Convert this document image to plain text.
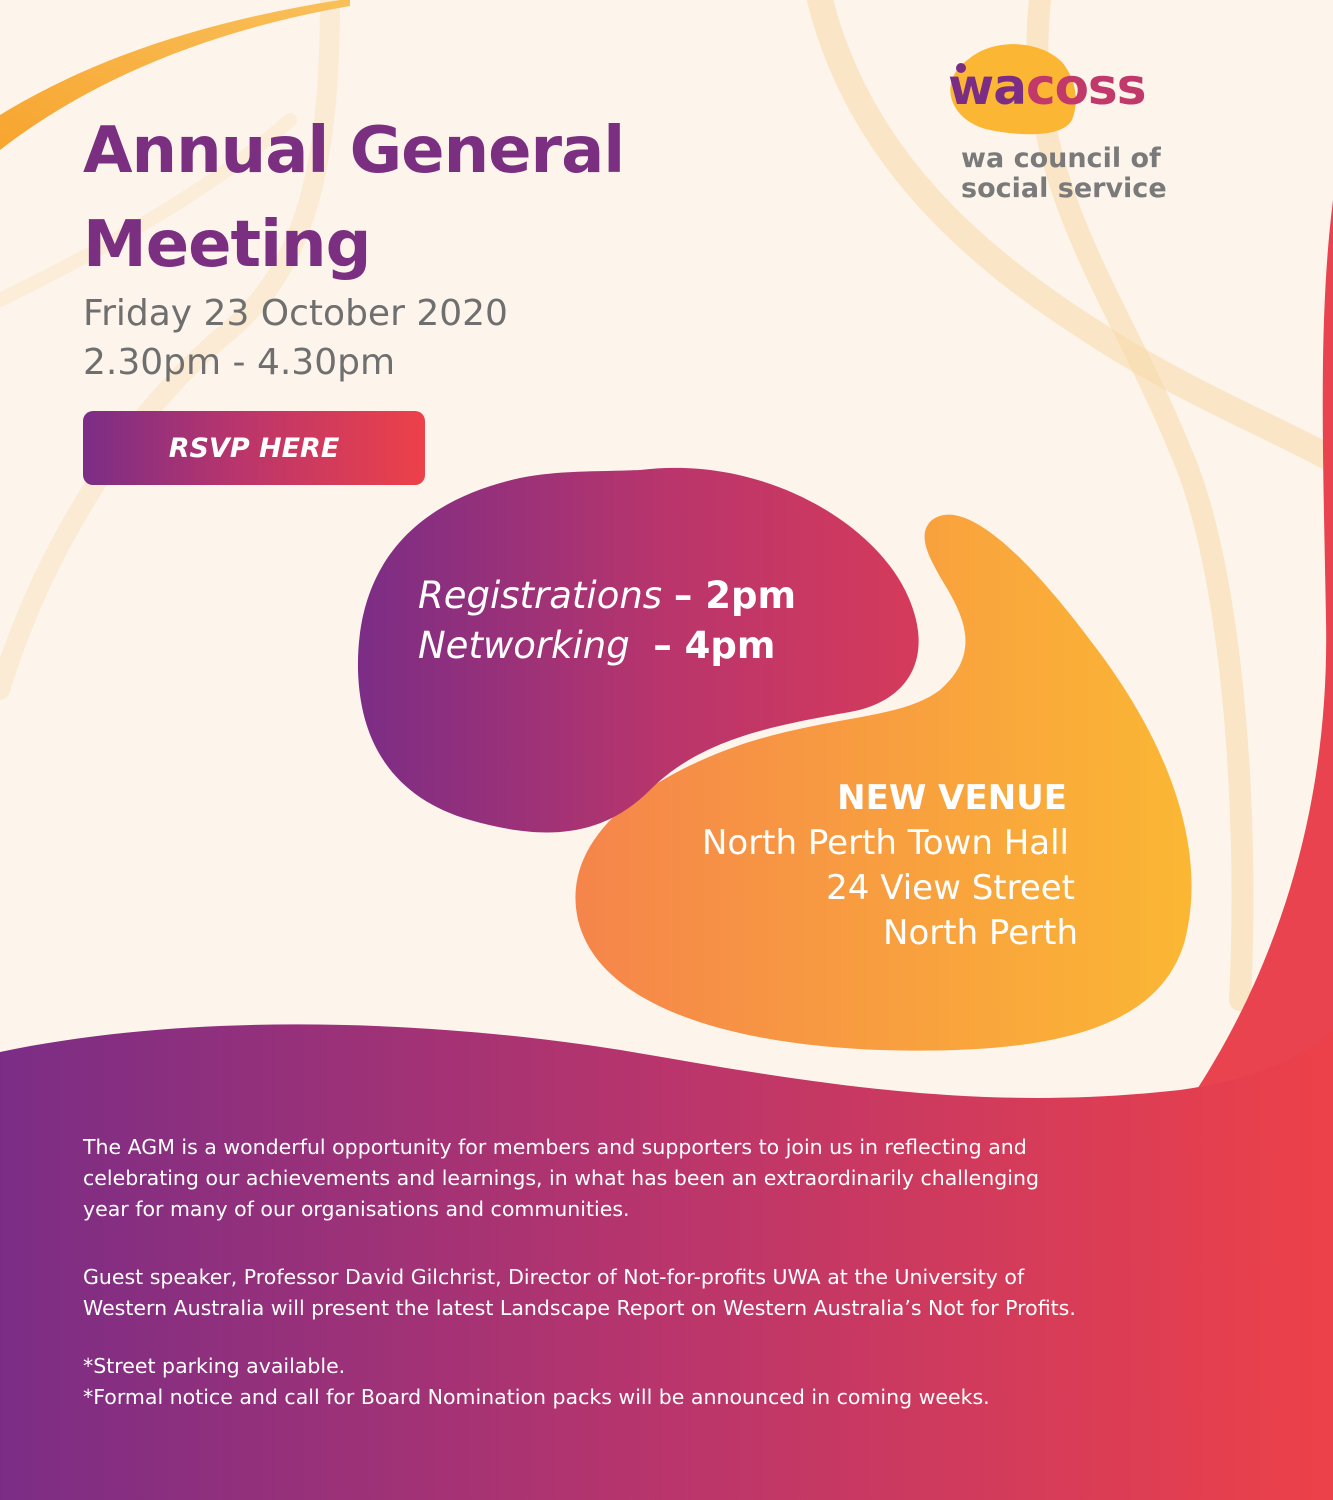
wacoss
wa council of
social service
Annual General
Meeting
Friday 23 October 2020
2.30pm - 4.30pm
RSVP HERE
Registrations – 2pm
Networking  – 4pm
NEW VENUE
North Perth Town Hall
24 View Street
North Perth
The AGM is a wonderful opportunity for members and supporters to join us in reflecting and
celebrating our achievements and learnings, in what has been an extraordinarily challenging
year for many of our organisations and communities.
Guest speaker, Professor David Gilchrist, Director of Not-for-profits UWA at the University of
Western Australia will present the latest Landscape Report on Western Australia’s Not for Profits.
*Street parking available.
*Formal notice and call for Board Nomination packs will be announced in coming weeks.
